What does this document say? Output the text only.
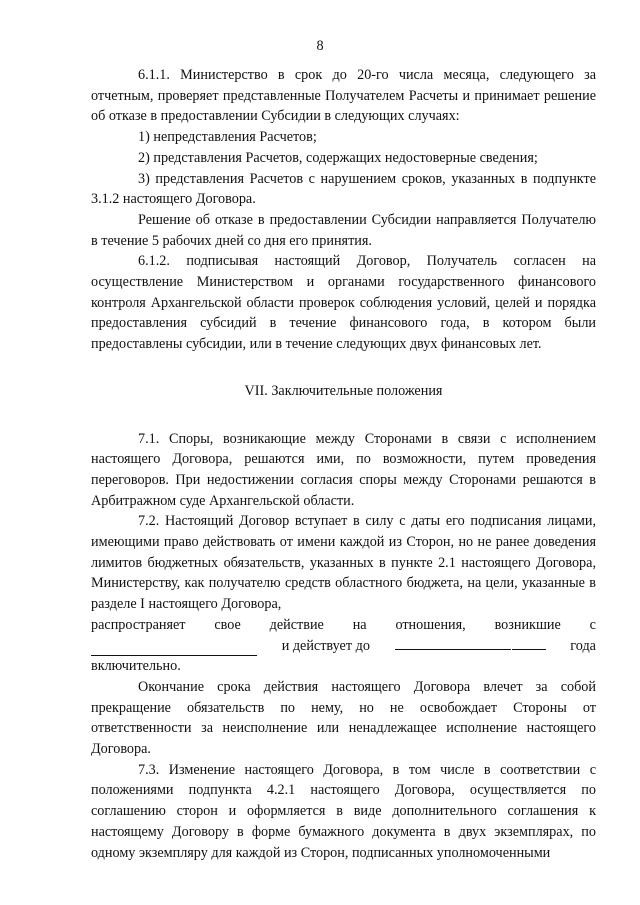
8

6.1.1. Министерство в срок до 20-го числа месяца, следующего за отчетным, проверяет представленные Получателем Расчеты и принимает решение об отказе в предоставлении Субсидии в следующих случаях:

1) непредставления Расчетов;

2) представления Расчетов, содержащих недостоверные сведения;

3) представления Расчетов с нарушением сроков, указанных в подпункте 3.1.2 настоящего Договора.

Решение об отказе в предоставлении Субсидии направляется Получателю в течение 5 рабочих дней со дня его принятия.

6.1.2. подписывая настоящий Договор, Получатель согласен на осуществление Министерством и органами государственного финансового контроля Архангельской области проверок соблюдения условий, целей и порядка предоставления субсидий в течение финансового года, в котором были предоставлены субсидии, или в течение следующих двух финансовых лет.

VII. Заключительные положения

7.1. Споры, возникающие между Сторонами в связи с исполнением настоящего Договора, решаются ими, по возможности, путем проведения переговоров. При недостижении согласия споры между Сторонами решаются в Арбитражном суде Архангельской области.

7.2. Настоящий Договор вступает в силу с даты его подписания лицами, имеющими право действовать от имени каждой из Сторон, но не ранее доведения лимитов бюджетных обязательств, указанных в пункте 2.1 настоящего Договора, Министерству, как получателю средств областного бюджета, на цели, указанные в разделе I настоящего Договора,

распространяет свое действие на отношения, возникшие с
и действует до	года

включительно.

Окончание срока действия настоящего Договора влечет за собой прекращение обязательств по нему, но не освобождает Стороны от ответственности за неисполнение или ненадлежащее исполнение настоящего Договора.

7.3. Изменение настоящего Договора, в том числе в соответствии с положениями подпункта 4.2.1 настоящего Договора, осуществляется по соглашению сторон и оформляется в виде дополнительного соглашения к настоящему Договору в форме бумажного документа в двух экземплярах, по одному экземпляру для каждой из Сторон, подписанных уполномоченными
